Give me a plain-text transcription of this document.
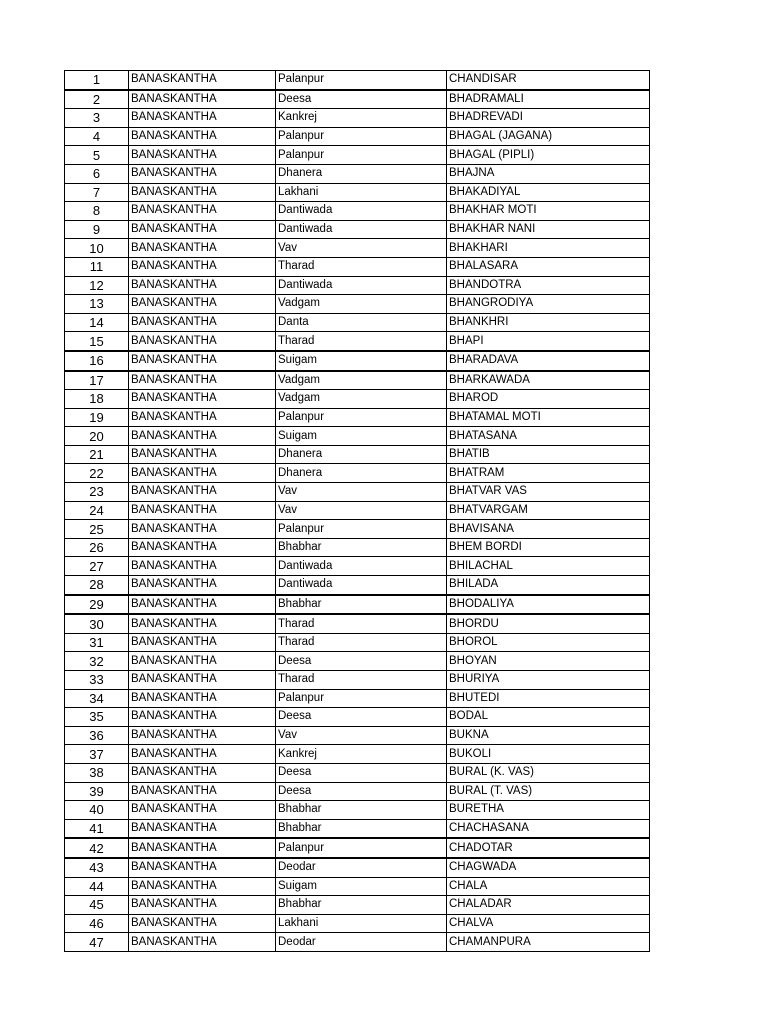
1	BANASKANTHA	Palanpur	CHANDISAR
2	BANASKANTHA	Deesa	BHADRAMALI
3	BANASKANTHA	Kankrej	BHADREVADI
4	BANASKANTHA	Palanpur	BHAGAL (JAGANA)
5	BANASKANTHA	Palanpur	BHAGAL (PIPLI)
6	BANASKANTHA	Dhanera	BHAJNA
7	BANASKANTHA	Lakhani	BHAKADIYAL
8	BANASKANTHA	Dantiwada	BHAKHAR MOTI
9	BANASKANTHA	Dantiwada	BHAKHAR NANI
10	BANASKANTHA	Vav	BHAKHARI
11	BANASKANTHA	Tharad	BHALASARA
12	BANASKANTHA	Dantiwada	BHANDOTRA
13	BANASKANTHA	Vadgam	BHANGRODIYA
14	BANASKANTHA	Danta	BHANKHRI
15	BANASKANTHA	Tharad	BHAPI
16	BANASKANTHA	Suigam	BHARADAVA
17	BANASKANTHA	Vadgam	BHARKAWADA
18	BANASKANTHA	Vadgam	BHAROD
19	BANASKANTHA	Palanpur	BHATAMAL MOTI
20	BANASKANTHA	Suigam	BHATASANA
21	BANASKANTHA	Dhanera	BHATIB
22	BANASKANTHA	Dhanera	BHATRAM
23	BANASKANTHA	Vav	BHATVAR VAS
24	BANASKANTHA	Vav	BHATVARGAM
25	BANASKANTHA	Palanpur	BHAVISANA
26	BANASKANTHA	Bhabhar	BHEM BORDI
27	BANASKANTHA	Dantiwada	BHILACHAL
28	BANASKANTHA	Dantiwada	BHILADA
29	BANASKANTHA	Bhabhar	BHODALIYA
30	BANASKANTHA	Tharad	BHORDU
31	BANASKANTHA	Tharad	BHOROL
32	BANASKANTHA	Deesa	BHOYAN
33	BANASKANTHA	Tharad	BHURIYA
34	BANASKANTHA	Palanpur	BHUTEDI
35	BANASKANTHA	Deesa	BODAL
36	BANASKANTHA	Vav	BUKNA
37	BANASKANTHA	Kankrej	BUKOLI
38	BANASKANTHA	Deesa	BURAL (K. VAS)
39	BANASKANTHA	Deesa	BURAL (T. VAS)
40	BANASKANTHA	Bhabhar	BURETHA
41	BANASKANTHA	Bhabhar	CHACHASANA
42	BANASKANTHA	Palanpur	CHADOTAR
43	BANASKANTHA	Deodar	CHAGWADA
44	BANASKANTHA	Suigam	CHALA
45	BANASKANTHA	Bhabhar	CHALADAR
46	BANASKANTHA	Lakhani	CHALVA
47	BANASKANTHA	Deodar	CHAMANPURA
